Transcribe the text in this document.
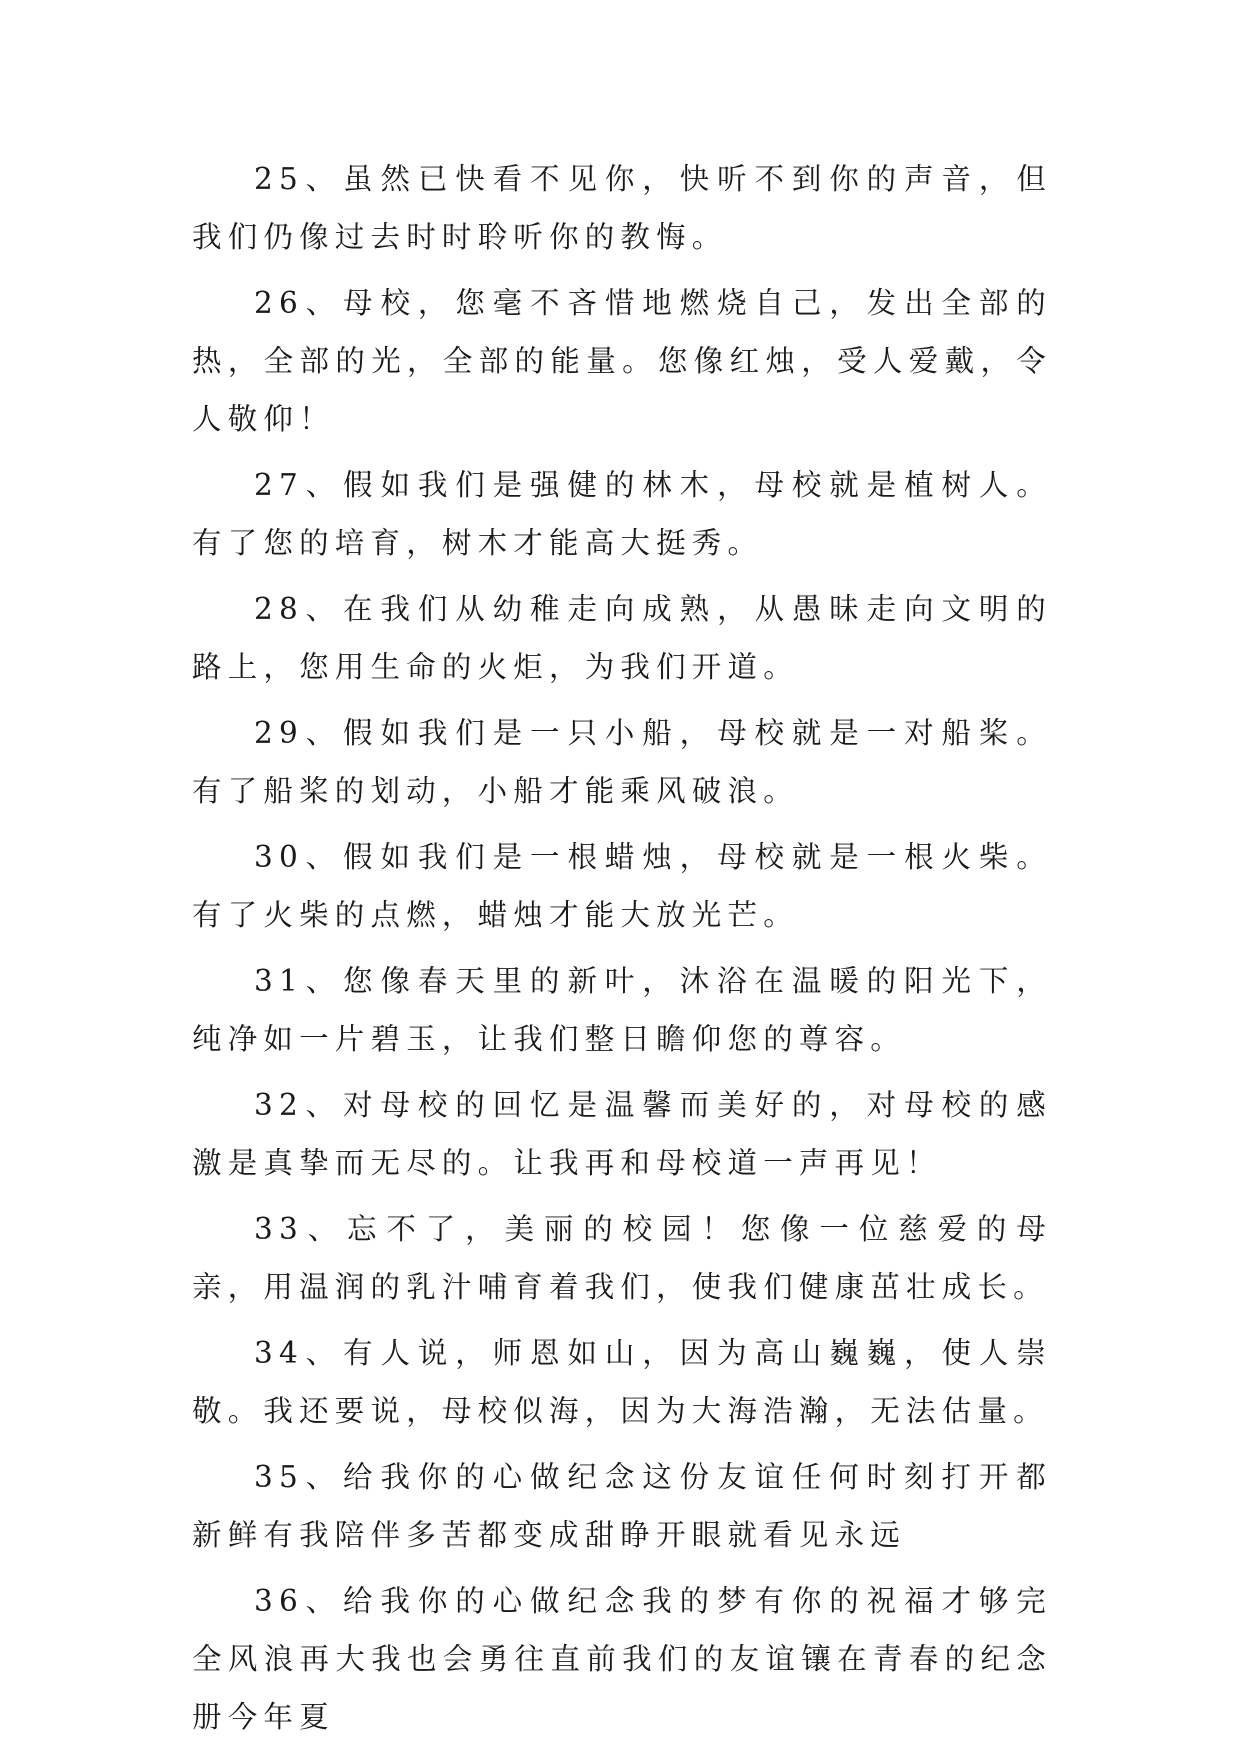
25、虽然已快看不见你，快听不到你的声音，但我们仍像过去时时聆听你的教悔。

26、母校，您毫不吝惜地燃烧自己，发出全部的热，全部的光，全部的能量。您像红烛，受人爱戴，令人敬仰！

27、假如我们是强健的林木，母校就是植树人。有了您的培育，树木才能高大挺秀。

28、在我们从幼稚走向成熟，从愚昧走向文明的路上，您用生命的火炬，为我们开道。

29、假如我们是一只小船，母校就是一对船桨。有了船桨的划动，小船才能乘风破浪。

30、假如我们是一根蜡烛，母校就是一根火柴。有了火柴的点燃，蜡烛才能大放光芒。

31、您像春天里的新叶，沐浴在温暖的阳光下，纯净如一片碧玉，让我们整日瞻仰您的尊容。

32、对母校的回忆是温馨而美好的，对母校的感激是真挚而无尽的。让我再和母校道一声再见！

33、忘不了，美丽的校园！您像一位慈爱的母亲，用温润的乳汁哺育着我们，使我们健康茁壮成长。

34、有人说，师恩如山，因为高山巍巍，使人崇敬。我还要说，母校似海，因为大海浩瀚，无法估量。

35、给我你的心做纪念这份友谊任何时刻打开都新鲜有我陪伴多苦都变成甜睁开眼就看见永远

36、给我你的心做纪念我的梦有你的祝福才够完全风浪再大我也会勇往直前我们的友谊镶在青春的纪念册今年夏
